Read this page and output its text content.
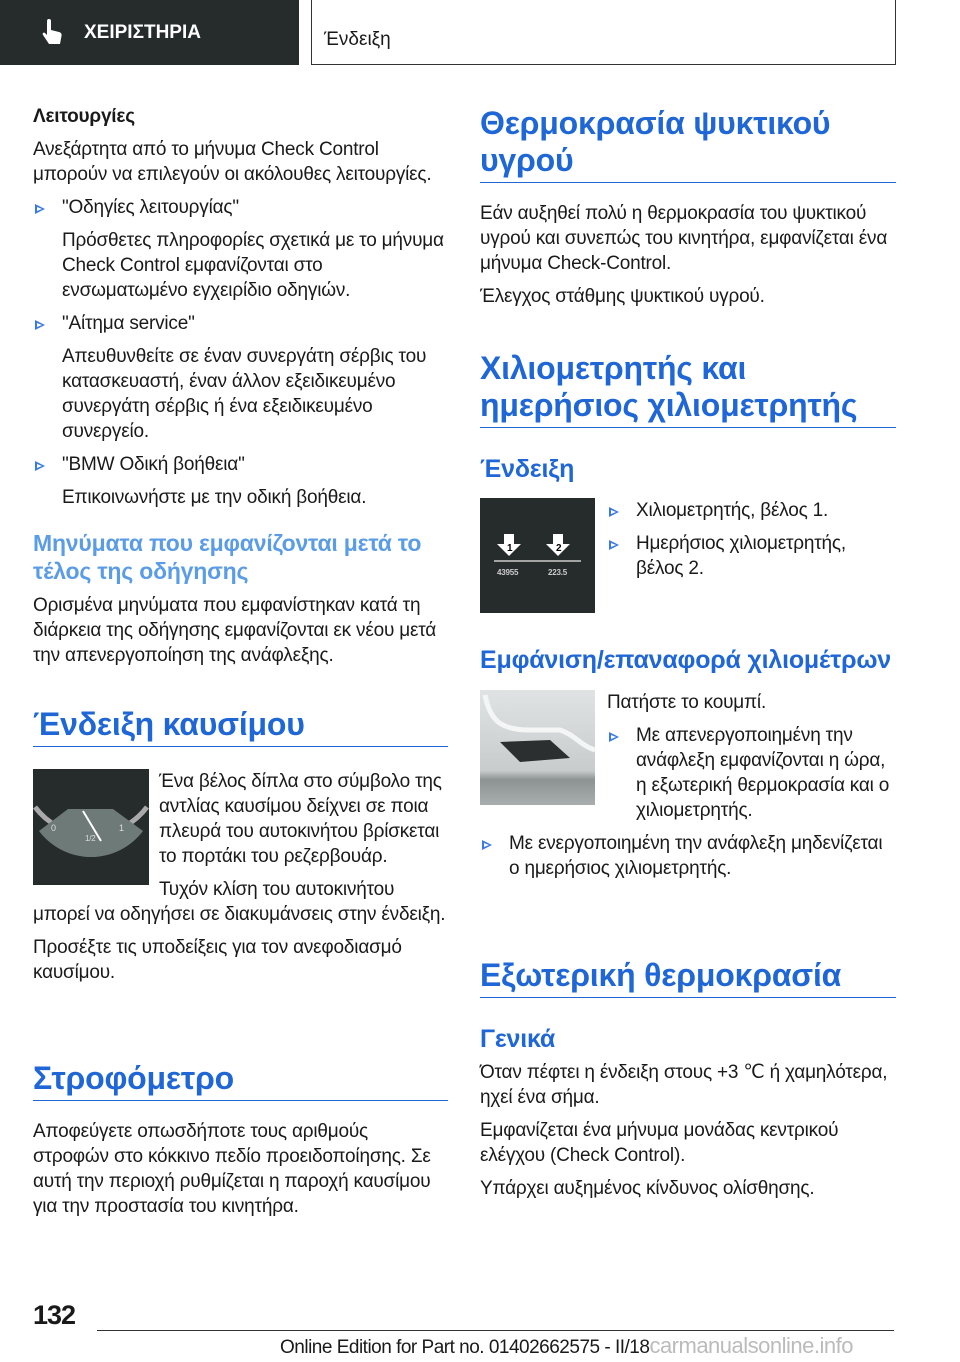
ΧΕΙΡΙΣΤΗΡΙΑ	Ένδειξη
Λειτουργίες

Ανεξάρτητα από το μήνυμα Check Control μπορούν να επιλεγούν οι ακόλουθες λειτουργίες.

"Οδηγίες λειτουργίας"
Πρόσθετες πληροφορίες σχετικά με το μήνυμα Check Control εμφανίζονται στο ενσωματωμένο εγχειρίδιο οδηγιών.
"Αίτημα service"
Απευθυνθείτε σε έναν συνεργάτη σέρβις του κατασκευαστή, έναν άλλον εξειδικευμένο συνεργάτη σέρβις ή ένα εξειδικευμένο συνεργείο.
"BMW Οδική βοήθεια"
Επικοινωνήστε με την οδική βοήθεια.
Μηνύματα που εμφανίζονται μετά το τέλος της οδήγησης

Ορισμένα μηνύματα που εμφανίστηκαν κατά τη διάρκεια της οδήγησης εμφανίζονται εκ νέου μετά την απενεργοποίηση της ανάφλεξης.

Ένδειξη καυσίμου
0
1/2
1

Ένα βέλος δίπλα στο σύμβολο της αντλίας καυσίμου δείχνει σε ποια πλευρά του αυτοκινήτου βρίσκεται το πορτάκι του ρεζερβουάρ.

Τυχόν κλίση του αυτοκινήτου μπορεί να οδηγήσει σε διακυμάνσεις στην ένδειξη.

Προσέξτε τις υποδείξεις για τον ανεφοδιασμό καυσίμου.

Στροφόμετρο

Αποφεύγετε οπωσδήποτε τους αριθμούς στροφών στο κόκκινο πεδίο προειδοποίησης. Σε αυτή την περιοχή ρυθμίζεται η παροχή καυσίμου για την προστασία του κινητήρα.

Θερμοκρασία ψυκτικού υγρού

Εάν αυξηθεί πολύ η θερμοκρασία του ψυκτικού υγρού και συνεπώς του κινητήρα, εμφανίζεται ένα μήνυμα Check-Control.

Έλεγχος στάθμης ψυκτικού υγρού.

Χιλιομετρητής και ημερήσιος χιλιομετρητής
Ένδειξη
1	2
43955	223.5
Χιλιομετρητής, βέλος 1.
Ημερήσιος χιλιομετρητής, βέλος 2.
Εμφάνιση/επαναφορά χιλιομέτρων

Πατήστε το κουμπί.

Με απενεργοποιημένη την ανάφλεξη εμφανίζονται η ώρα, η εξωτερική θερμοκρασία και ο χιλιομετρητής.
Με ενεργοποιημένη την ανάφλεξη μηδενίζεται ο ημερήσιος χιλιομετρητής.
Εξωτερική θερμοκρασία
Γενικά

Όταν πέφτει η ένδειξη στους +3 ℃ ή χαμηλότερα, ηχεί ένα σήμα.

Εμφανίζεται ένα μήνυμα μονάδας κεντρικού ελέγχου (Check Control).

Υπάρχει αυξημένος κίνδυνος ολίσθησης.

132
Online Edition for Part no. 01402662575 - II/18carmanualsonline.info
